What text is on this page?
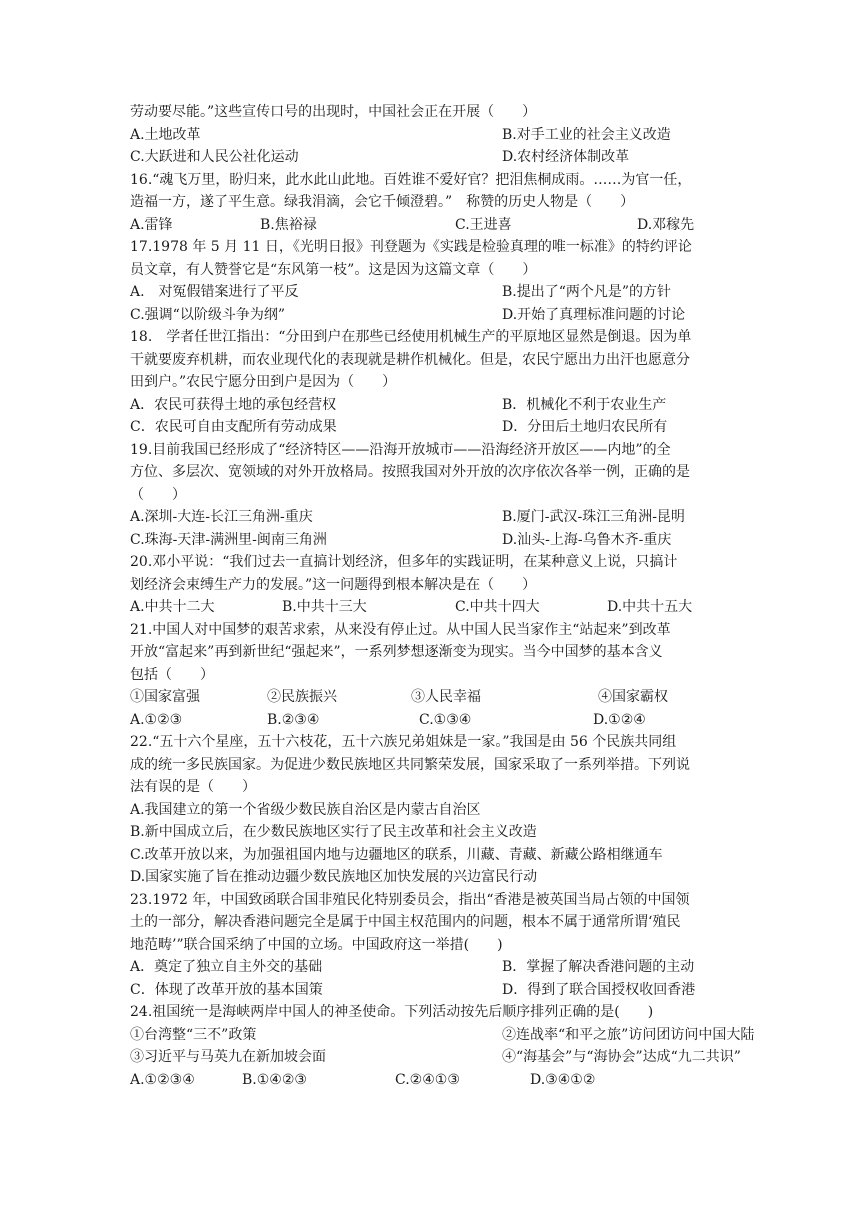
劳动要尽能。”这些宣传口号的出现时，中国社会正在开展（　　）
A.土地改革	B.对手工业的社会主义改造
C.大跃进和人民公社化运动	D.农村经济体制改革
16.“魂飞万里，盼归来，此水此山此地。百姓谁不爱好官？把泪焦桐成雨。……为官一任，
造福一方，遂了平生意。绿我涓滴，会它千倾澄碧。”　称赞的历史人物是（　　）
A.雷锋	B.焦裕禄	C.王进喜	D.邓稼先
17.1978 年 5 月 11 日，《光明日报》刊登题为《实践是检验真理的唯一标准》的特约评论
员文章，有人赞誉它是“东风第一枝”。这是因为这篇文章（　　）
A.　对冤假错案进行了平反	B.提出了“两个凡是”的方针
C.强调“以阶级斗争为纲”	D.开始了真理标准问题的讨论
18.　学者任世江指出：“分田到户在那些已经使用机械生产的平原地区显然是倒退。因为单
干就要废弃机耕，而农业现代化的表现就是耕作机械化。但是，农民宁愿出力出汗也愿意分
田到户。”农民宁愿分田到户是因为（　　）
A．农民可获得土地的承包经营权	B．机械化不利于农业生产
C．农民可自由支配所有劳动成果	D．分田后土地归农民所有
19.目前我国已经形成了“经济特区——沿海开放城市——沿海经济开放区——内地”的全
方位、多层次、宽领域的对外开放格局。按照我国对外开放的次序依次各举一例，正确的是
（　　）
A.深圳-大连-长江三角洲-重庆	B.厦门-武汉-珠江三角洲-昆明
C.珠海-天津-满洲里-闽南三角洲	D.汕头-上海-乌鲁木齐-重庆
20.邓小平说：“我们过去一直搞计划经济，但多年的实践证明，在某种意义上说，只搞计
划经济会束缚生产力的发展。”这一问题得到根本解决是在（　　）
A.中共十二大	B.中共十三大	C.中共十四大	D.中共十五大
21.中国人对中国梦的艰苦求索，从来没有停止过。从中国人民当家作主“站起来”到改革
开放“富起来”再到新世纪“强起来”，一系列梦想逐渐变为现实。当今中国梦的基本含义
包括（　　）
①国家富强	②民族振兴	③人民幸福	④国家霸权
A.①②③	B.②③④	C.①③④	D.①②④
22.“五十六个星座，五十六枝花，五十六族兄弟姐妹是一家。”我国是由 56 个民族共同组
成的统一多民族国家。为促进少数民族地区共同繁荣发展，国家采取了一系列举措。下列说
法有误的是（　　）
A.我国建立的第一个省级少数民族自治区是内蒙古自治区
B.新中国成立后，在少数民族地区实行了民主改革和社会主义改造
C.改革开放以来，为加强祖国内地与边疆地区的联系，川藏、青藏、新藏公路相继通车
D.国家实施了旨在推动边疆少数民族地区加快发展的兴边富民行动
23.1972 年，中国致函联合国非殖民化特别委员会，指出“香港是被英国当局占领的中国领
土的一部分，解决香港问题完全是属于中国主权范围内的问题，根本不属于通常所谓‘殖民
地范畴’”联合国采纳了中国的立场。中国政府这一举措(　　)
A．奠定了独立自主外交的基础	B．掌握了解决香港问题的主动
C．体现了改革开放的基本国策	D．得到了联合国授权收回香港
24.祖国统一是海峡两岸中国人的神圣使命。下列活动按先后顺序排列正确的是(　　)
①台湾整“三不”政策	②连战率“和平之旅”访问团访问中国大陆
③习近平与马英九在新加坡会面	④“海基会”与“海协会”达成“九二共识”
A.①②③④	B.①④②③	C.②④①③	D.③④①②
